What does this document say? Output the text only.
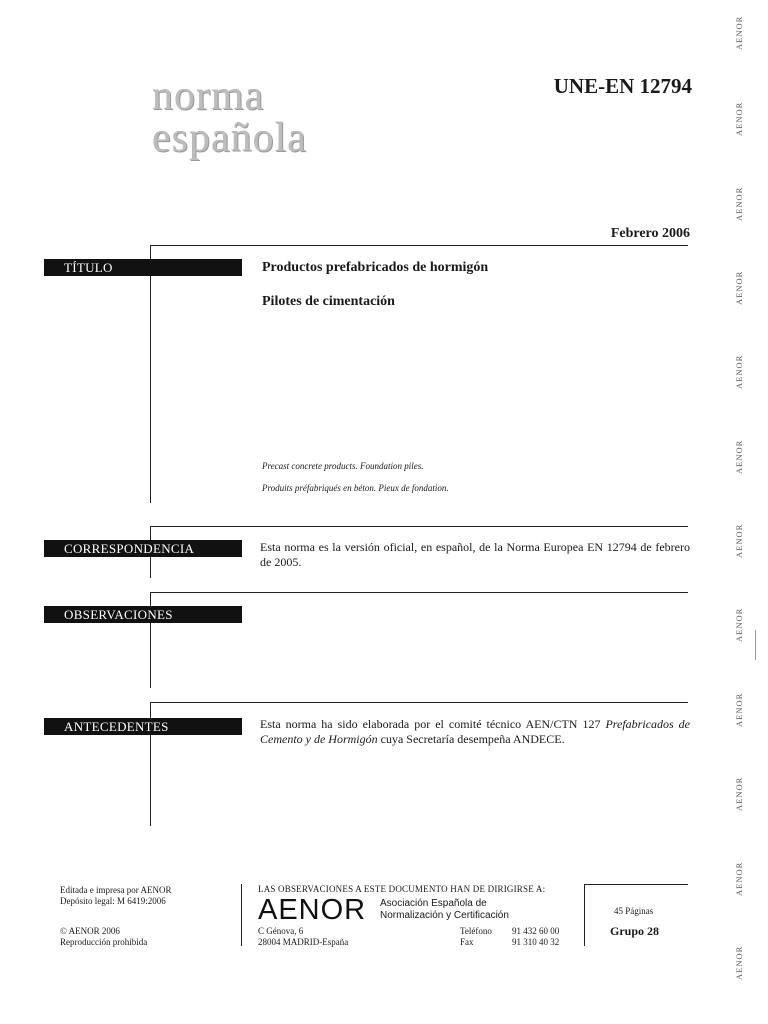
norma
española
UNE-EN 12794
Febrero 2006
TÍTULO	Productos prefabricados de hormigón
Pilotes de cimentación
Precast concrete products. Foundation piles.
Produits préfabriqués en béton. Pieux de fondation.
CORRESPONDENCIA	Esta norma es la versión oficial, en español, de la Norma Europea EN 12794 de febrero de 2005.
OBSERVACIONES
ANTECEDENTES	Esta norma ha sido elaborada por el comité técnico AEN/CTN 127 Prefabricados de Cemento y de Hormigón cuya Secretaría desempeña ANDECE.
Editada e impresa por AENOR
Depósito legal: M 6419:2006
© AENOR 2006
Reproducción prohibida
LAS OBSERVACIONES A ESTE DOCUMENTO HAN DE DIRIGIRSE A:
AENOR Asociación Española de
Normalización y Certificación
C Génova, 6
28004 MADRID-España
Teléfono 91 432 60 00
Fax	91 310 40 32
45 Páginas
Grupo 28
AENOR
AENOR
AENOR
AENOR
AENOR
AENOR
AENOR
AENOR
AENOR
AENOR
AENOR
AENOR
